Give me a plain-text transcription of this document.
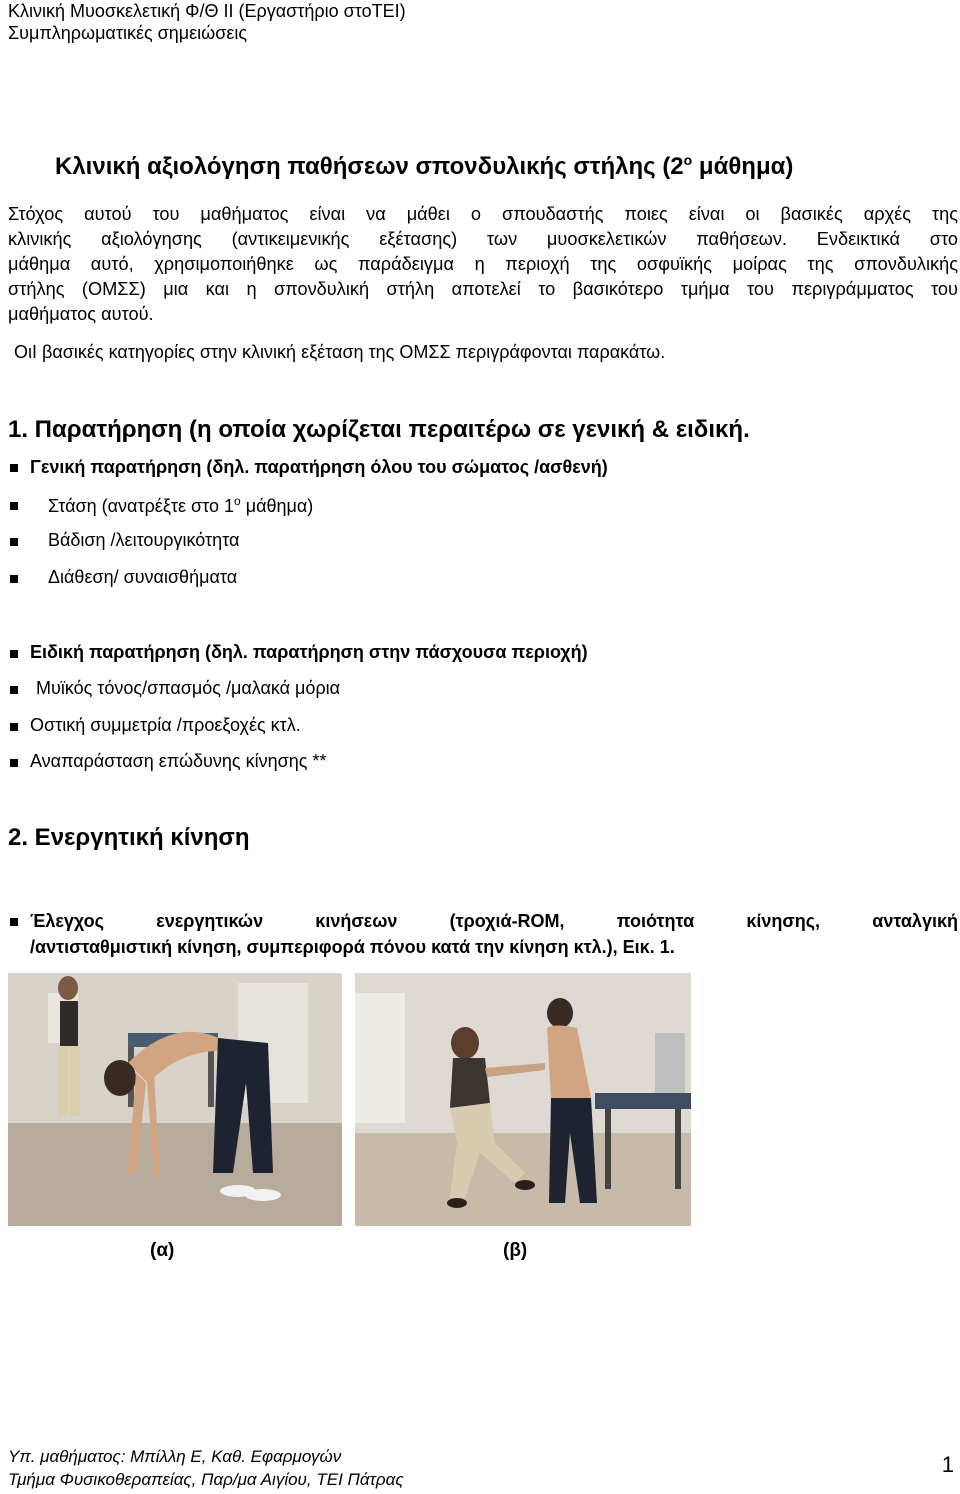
Κλινική Μυοσκελετική Φ/Θ ΙΙ (Εργαστήριο στοΤΕΙ)
Συμπληρωματικές σημειώσεις
Κλινική αξιολόγηση παθήσεων σπονδυλικής στήλης ($2^o$ μάθημα)
Στόχος αυτού του μαθήματος είναι να μάθει ο σπουδαστής ποιες είναι οι βασικές αρχές της
κλινικής αξιολόγησης (αντικειμενικής εξέτασης) των μυοσκελετικών παθήσεων. Ενδεικτικά στο
μάθημα αυτό, χρησιμοποιήθηκε ως παράδειγμα η περιοχή της οσφυϊκής μοίρας της σπονδυλικής
στήλης (ΟΜΣΣ) μια και η σπονδυλική στήλη αποτελεί το βασικότερο τμήμα του περιγράμματος του
μαθήματος αυτού.
ΟιΙ βασικές κατηγορίες στην κλινική εξέταση της ΟΜΣΣ περιγράφονται παρακάτω.
1. Παρατήρηση (η οποία χωρίζεται περαιτέρω σε γενική & ειδική.
Γενική παρατήρηση (δηλ. παρατήρηση όλου του σώματος /ασθενή)
Στάση (ανατρέξτε στο $1^o$ μάθημα)
Βάδιση /λειτουργικότητα
Διάθεση/ συναισθήματα
Ειδική παρατήρηση (δηλ. παρατήρηση στην πάσχουσα περιοχή)
Μυϊκός τόνος/σπασμός /μαλακά μόρια
Οστική συμμετρία /προεξοχές κτλ.
Αναπαράσταση επώδυνης κίνησης **
2. Ενεργητική κίνηση
Έλεγχος ενεργητικών κινήσεων (τροχιά-ROM, ποιότητα κίνησης, ανταλγική
/αντισταθμιστική κίνηση, συμπεριφορά πόνου κατά την κίνηση κτλ.), Εικ. 1.
(α)	(β)
Υπ. μαθήματος: Μπίλλη Ε, Καθ. Εφαρμογών
Τμήμα Φυσικοθεραπείας, Παρ/μα Αιγίου, ΤΕΙ Πάτρας
1
